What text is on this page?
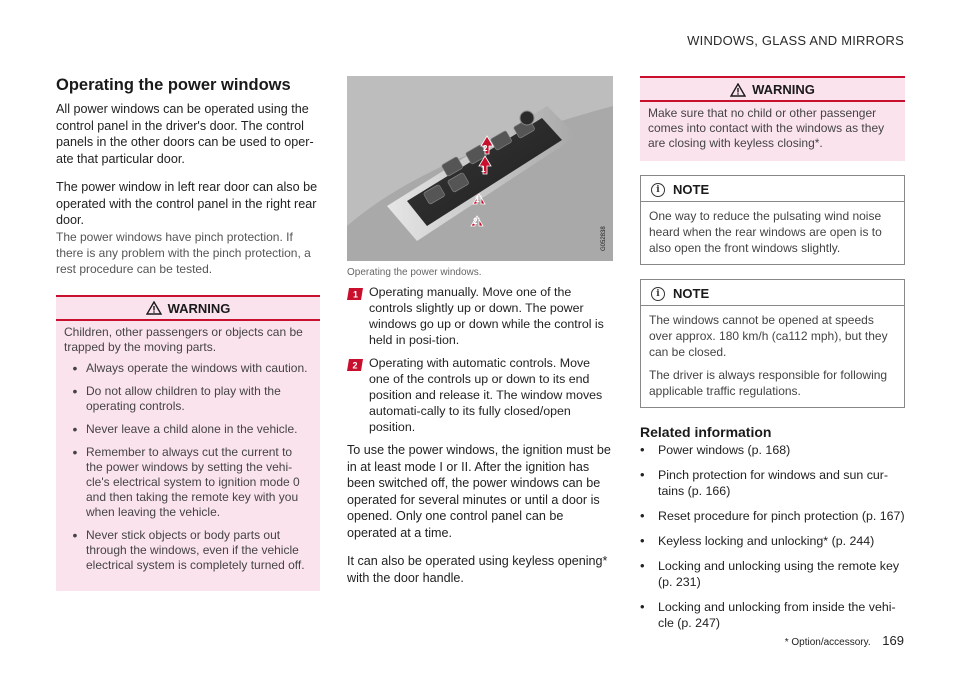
WINDOWS, GLASS AND MIRRORS
Operating the power windows

All power windows can be operated using the control panel in the driver's door. The control panels in the other doors can be used to oper-ate that particular door.

The power window in left rear door can also be operated with the control panel in the right rear door.

The power windows have pinch protection. If there is any problem with the pinch protection, a rest procedure can be tested.

WARNING

Children, other passengers or objects can be trapped by the moving parts.

• Always operate the windows with caution.
• Do not allow children to play with the operating controls.
• Never leave a child alone in the vehicle.
• Remember to always cut the current to the power windows by setting the vehi-cle's electrical system to ignition mode 0 and then taking the remote key with you when leaving the vehicle.
• Never stick objects or body parts out through the windows, even if the vehicle electrical system is completely turned off.
2
1
1
2
G052838

Operating the power windows.

1 Operating manually. Move one of the controls slightly up or down. The power windows go up or down while the control is held in posi-tion.

2 Operating with automatic controls. Move one of the controls up or down to its end position and release it. The window moves automati-cally to its fully closed/open position.

To use the power windows, the ignition must be in at least mode I or II. After the ignition has been switched off, the power windows can be operated for several minutes or until a door is opened. Only one control panel can be operated at a time.

It can also be operated using keyless opening* with the door handle.

WARNING

Make sure that no child or other passenger comes into contact with the windows as they are closing with keyless closing*.

i	NOTE

One way to reduce the pulsating wind noise heard when the rear windows are open is to also open the front windows slightly.

i	NOTE

The windows cannot be opened at speeds over approx. 180 km/h (ca112 mph), but they can be closed.

The driver is always responsible for following applicable traffic regulations.

Related information
•	Power windows (p. 168)
•	Pinch protection for windows and sun cur-tains (p. 166)
•	Reset procedure for pinch protection (p. 167)
•	Keyless locking and unlocking* (p. 244)
•	Locking and unlocking using the remote key (p. 231)
•	Locking and unlocking from inside the vehi-cle (p. 247)
* Option/accessory. 169
